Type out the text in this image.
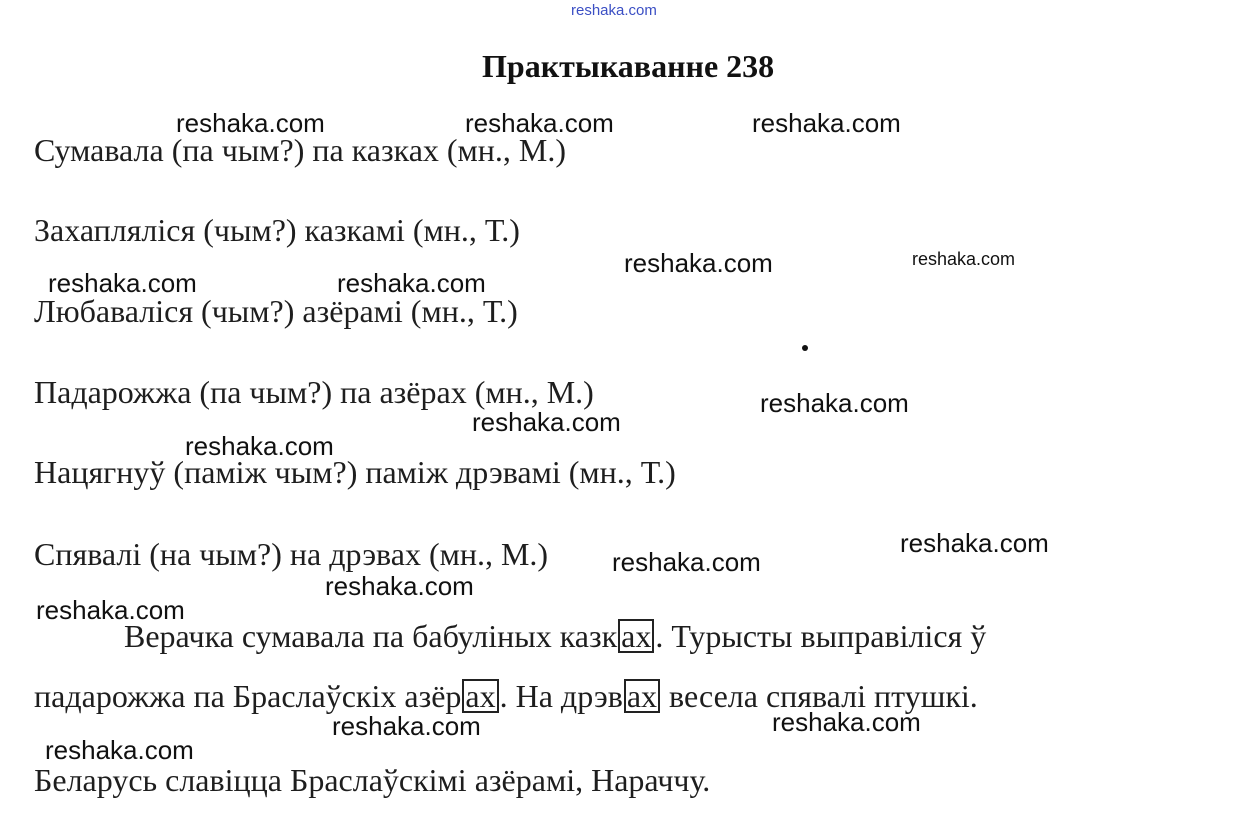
reshaka.com
Практыкаванне 238
Сумавала (па чым?) па казках (мн., М.)
Захапляліся (чым?) казкамі (мн., Т.)
Любаваліся (чым?) азёрамі (мн., Т.)
Падарожжа (па чым?) па азёрах (мн., М.)
Нацягнуў (паміж чым?) паміж дрэвамі (мн., Т.)
Спявалі (на чым?) на дрэвах (мн., М.)
Верачка сумавала па бабуліных казк ах . Турысты выправіліся ў
падарожжа па Браслаўскіх азёр ах . На дрэв ах весела спявалі птушкі.
Беларусь славіцца Браслаўскімі азёрамі, Нараччу.
reshaka.com	reshaka.com	reshaka.com
reshaka.com	reshaka.com
reshaka.com	reshaka.com
reshaka.com
reshaka.com
reshaka.com
reshaka.com
reshaka.com
reshaka.com
reshaka.com
reshaka.com
reshaka.com
reshaka.com
